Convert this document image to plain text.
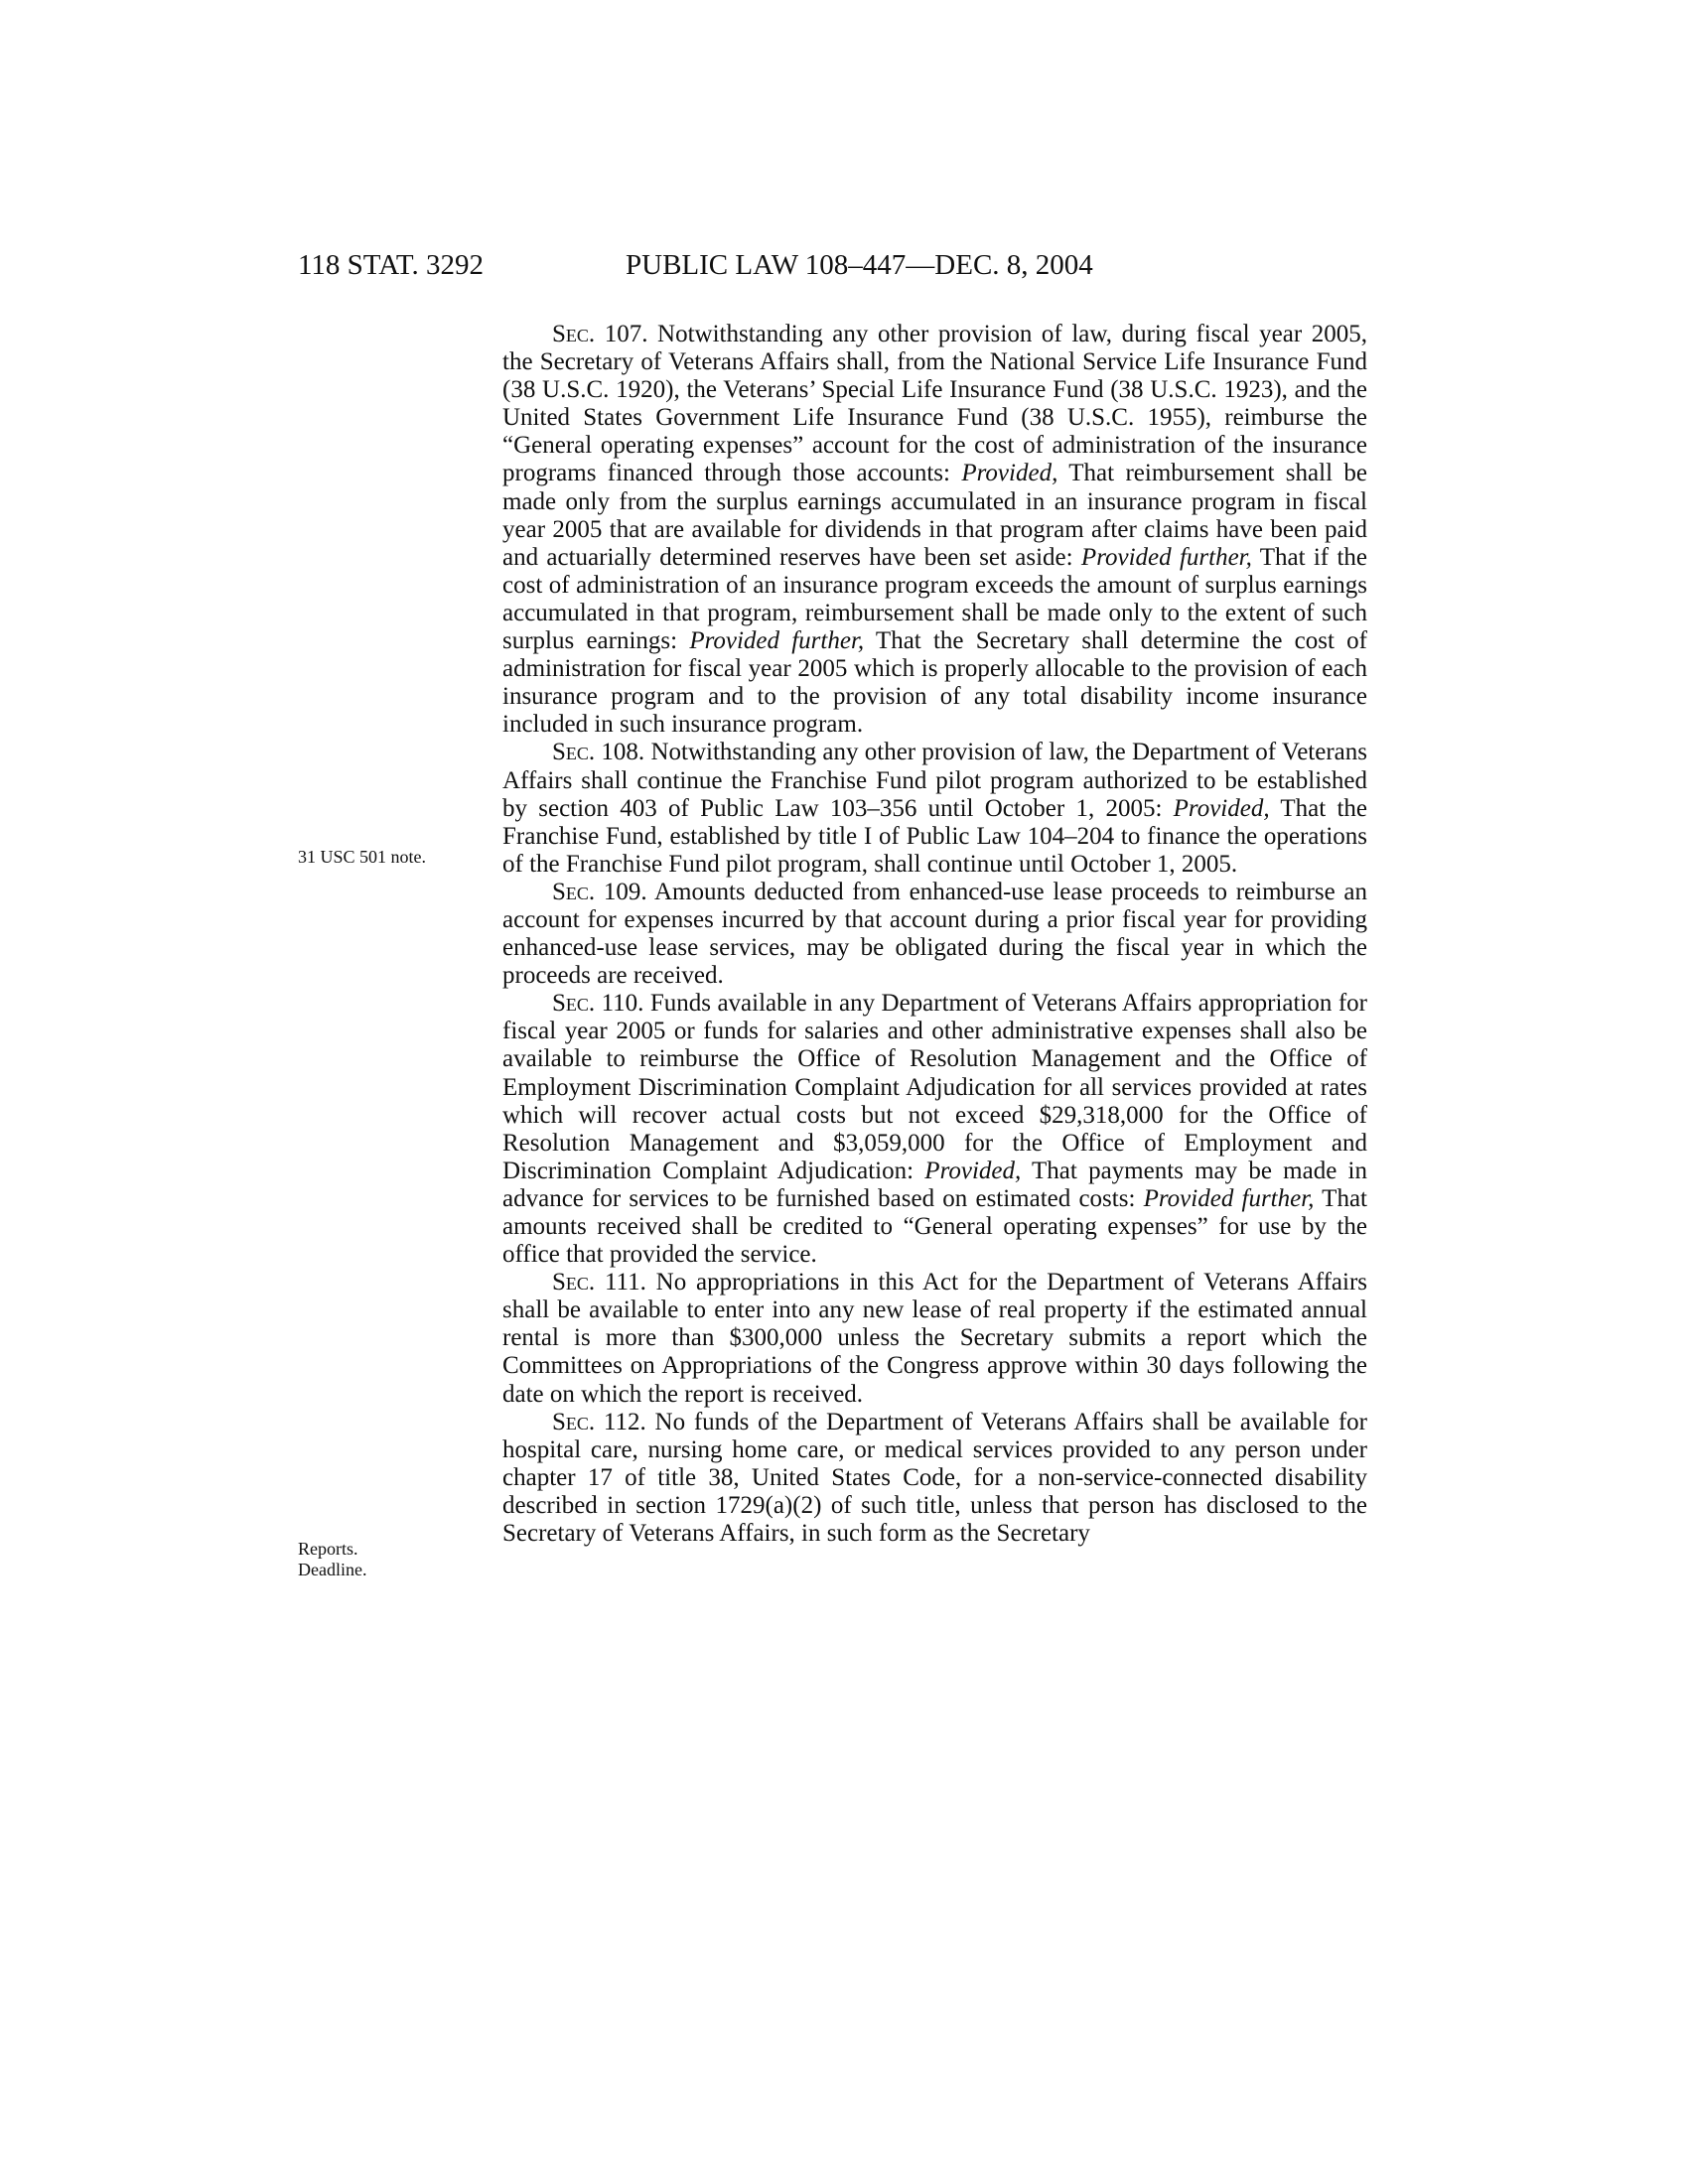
118 STAT. 3292	PUBLIC LAW 108–447—DEC. 8, 2004
31 USC 501 note.
Reports.
Deadline.

Sec. 107. Notwithstanding any other provision of law, during fiscal year 2005, the Secretary of Veterans Affairs shall, from the National Service Life Insurance Fund (38 U.S.C. 1920), the Veterans’ Special Life Insurance Fund (38 U.S.C. 1923), and the United States Government Life Insurance Fund (38 U.S.C. 1955), reimburse the “General operating expenses” account for the cost of administration of the insurance programs financed through those accounts: Provided, That reimbursement shall be made only from the surplus earnings accumulated in an insurance program in fiscal year 2005 that are available for dividends in that program after claims have been paid and actuarially determined reserves have been set aside: Provided further, That if the cost of administration of an insurance program exceeds the amount of surplus earnings accumulated in that program, reimbursement shall be made only to the extent of such surplus earnings: Provided further, That the Secretary shall determine the cost of administration for fiscal year 2005 which is properly allocable to the provision of each insurance program and to the provision of any total disability income insurance included in such insurance program.

Sec. 108. Notwithstanding any other provision of law, the Department of Veterans Affairs shall continue the Franchise Fund pilot program authorized to be established by section 403 of Public Law 103–356 until October 1, 2005: Provided, That the Franchise Fund, established by title I of Public Law 104–204 to finance the operations of the Franchise Fund pilot program, shall continue until October 1, 2005.

Sec. 109. Amounts deducted from enhanced-use lease proceeds to reimburse an account for expenses incurred by that account during a prior fiscal year for providing enhanced-use lease services, may be obligated during the fiscal year in which the proceeds are received.

Sec. 110. Funds available in any Department of Veterans Affairs appropriation for fiscal year 2005 or funds for salaries and other administrative expenses shall also be available to reimburse the Office of Resolution Management and the Office of Employment Discrimination Complaint Adjudication for all services provided at rates which will recover actual costs but not exceed $29,318,000 for the Office of Resolution Management and $3,059,000 for the Office of Employment and Discrimination Complaint Adjudication: Provided, That payments may be made in advance for services to be furnished based on estimated costs: Provided further, That amounts received shall be credited to “General operating expenses” for use by the office that provided the service.

Sec. 111. No appropriations in this Act for the Department of Veterans Affairs shall be available to enter into any new lease of real property if the estimated annual rental is more than $300,000 unless the Secretary submits a report which the Committees on Appropriations of the Congress approve within 30 days following the date on which the report is received.

Sec. 112. No funds of the Department of Veterans Affairs shall be available for hospital care, nursing home care, or medical services provided to any person under chapter 17 of title 38, United States Code, for a non-service-connected disability described in section 1729(a)(2) of such title, unless that person has disclosed to the Secretary of Veterans Affairs, in such form as the Secretary
